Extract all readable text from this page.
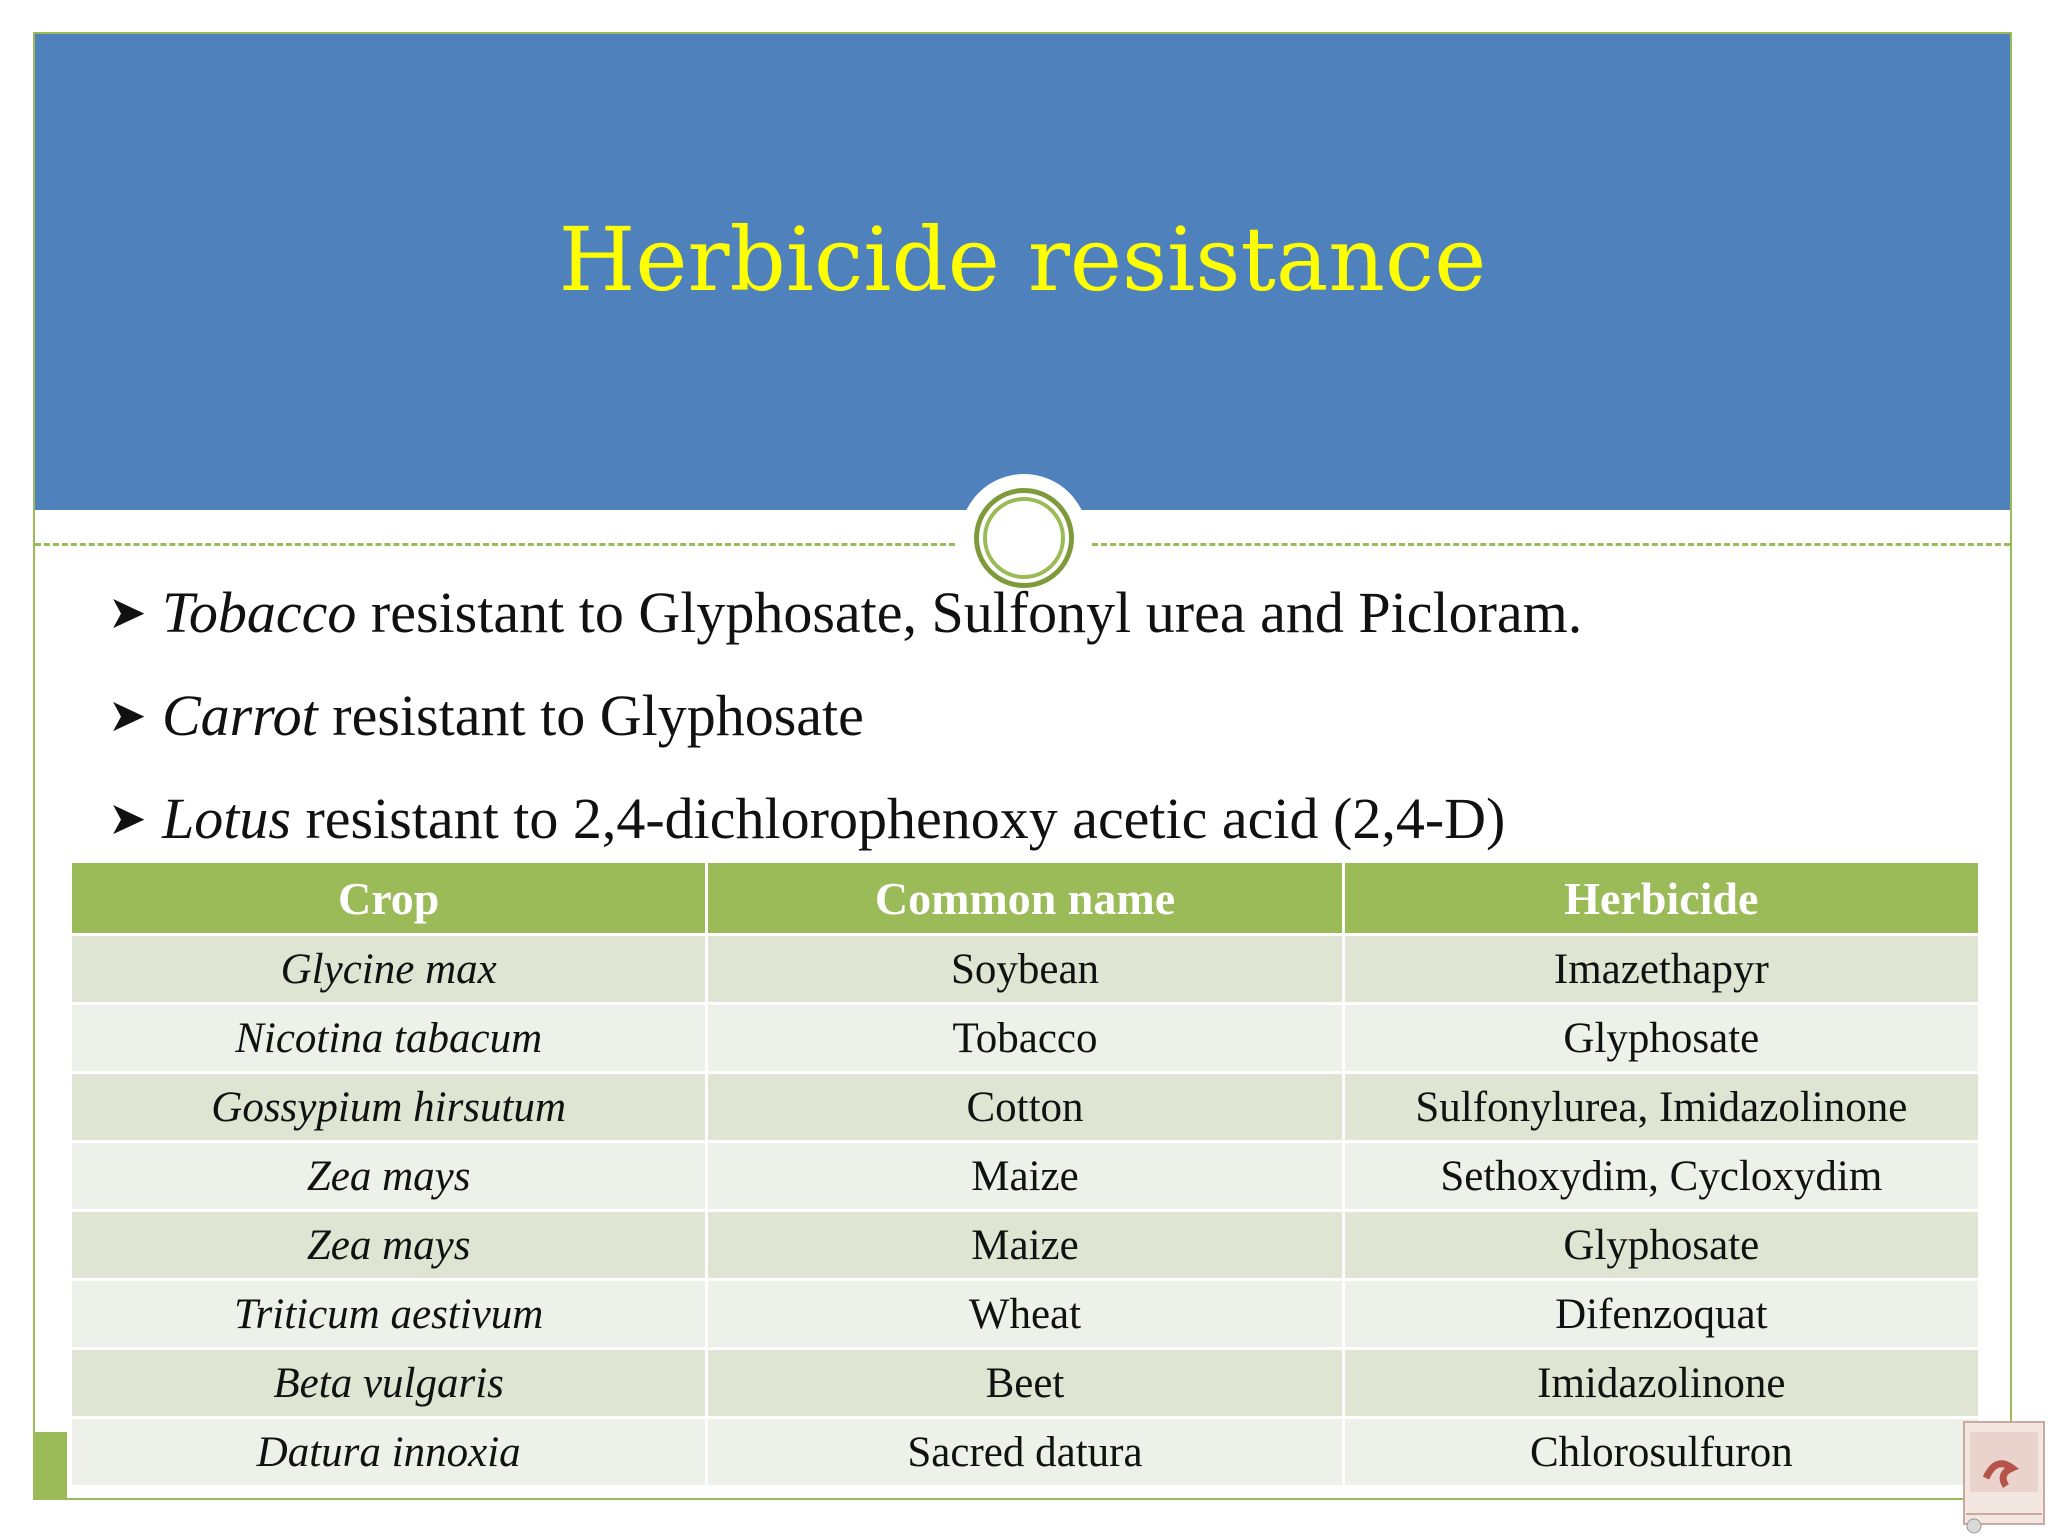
Herbicide resistance
➤ Tobacco resistant to Glyphosate, Sulfonyl urea and Picloram.
➤ Carrot resistant to Glyphosate
➤ Lotus resistant to 2,4-dichlorophenoxy acetic acid (2,4-D)
Crop	Common name	Herbicide
Glycine max	Soybean	Imazethapyr
Nicotina tabacum	Tobacco	Glyphosate
Gossypium hirsutum	Cotton	Sulfonylurea, Imidazolinone
Zea mays	Maize	Sethoxydim, Cycloxydim
Zea mays	Maize	Glyphosate
Triticum aestivum	Wheat	Difenzoquat
Beta vulgaris	Beet	Imidazolinone
Datura innoxia	Sacred datura	Chlorosulfuron
